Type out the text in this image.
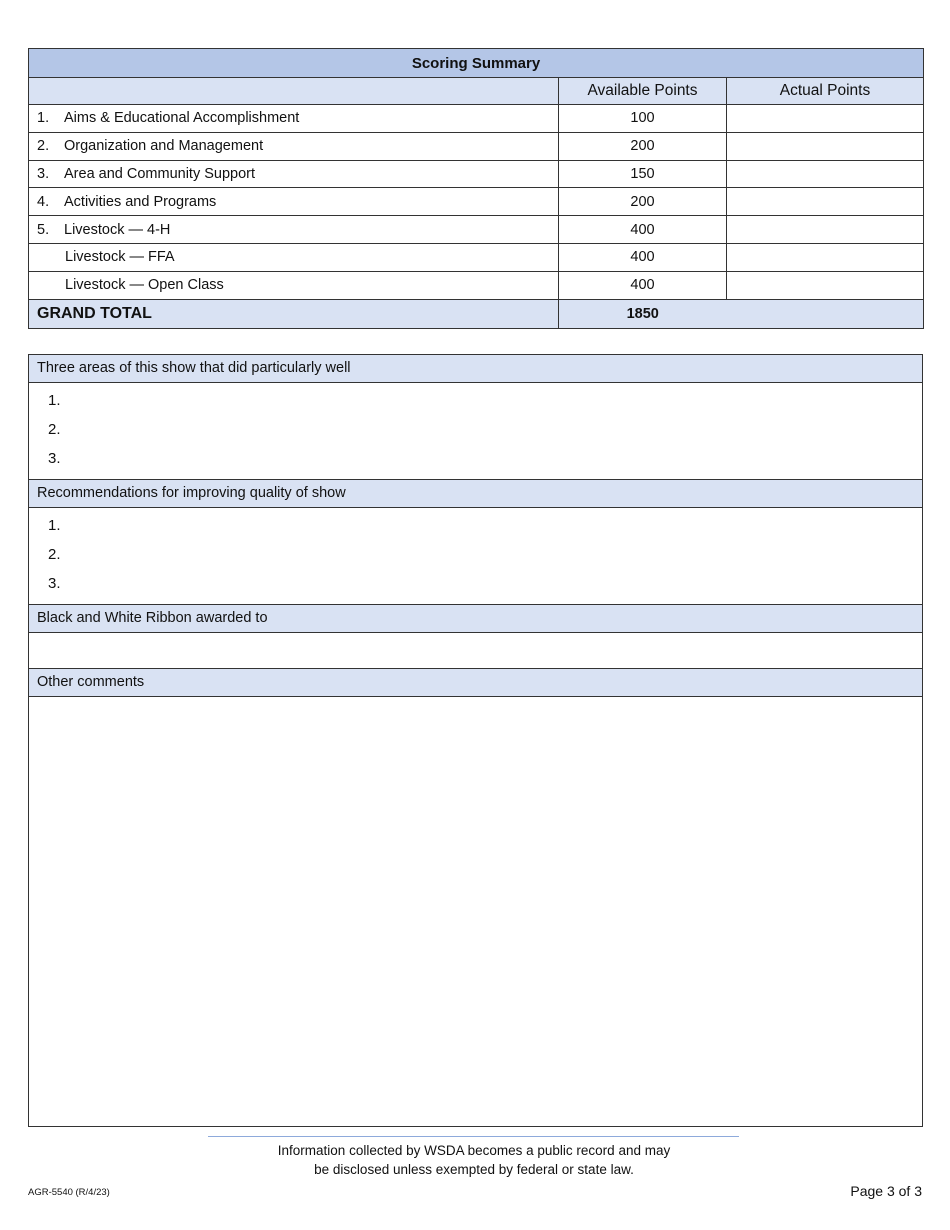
Scoring Summary		
	Available Points	Actual Points
1. Aims & Educational Accomplishment	100	
2. Organization and Management	200	
3. Area and Community Support	150	
4. Activities and Programs	200	
5. Livestock — 4-H	400	
Livestock — FFA	400	
Livestock — Open Class	400	
GRAND TOTAL	1850	
Three areas of this show that did particularly well
1.
2.
3.
Recommendations for improving quality of show
1.
2.
3.
Black and White Ribbon awarded to
Other comments
Information collected by WSDA becomes a public record and may
be disclosed unless exempted by federal or state law.
AGR-5540 (R/4/23)	Page 3 of 3
